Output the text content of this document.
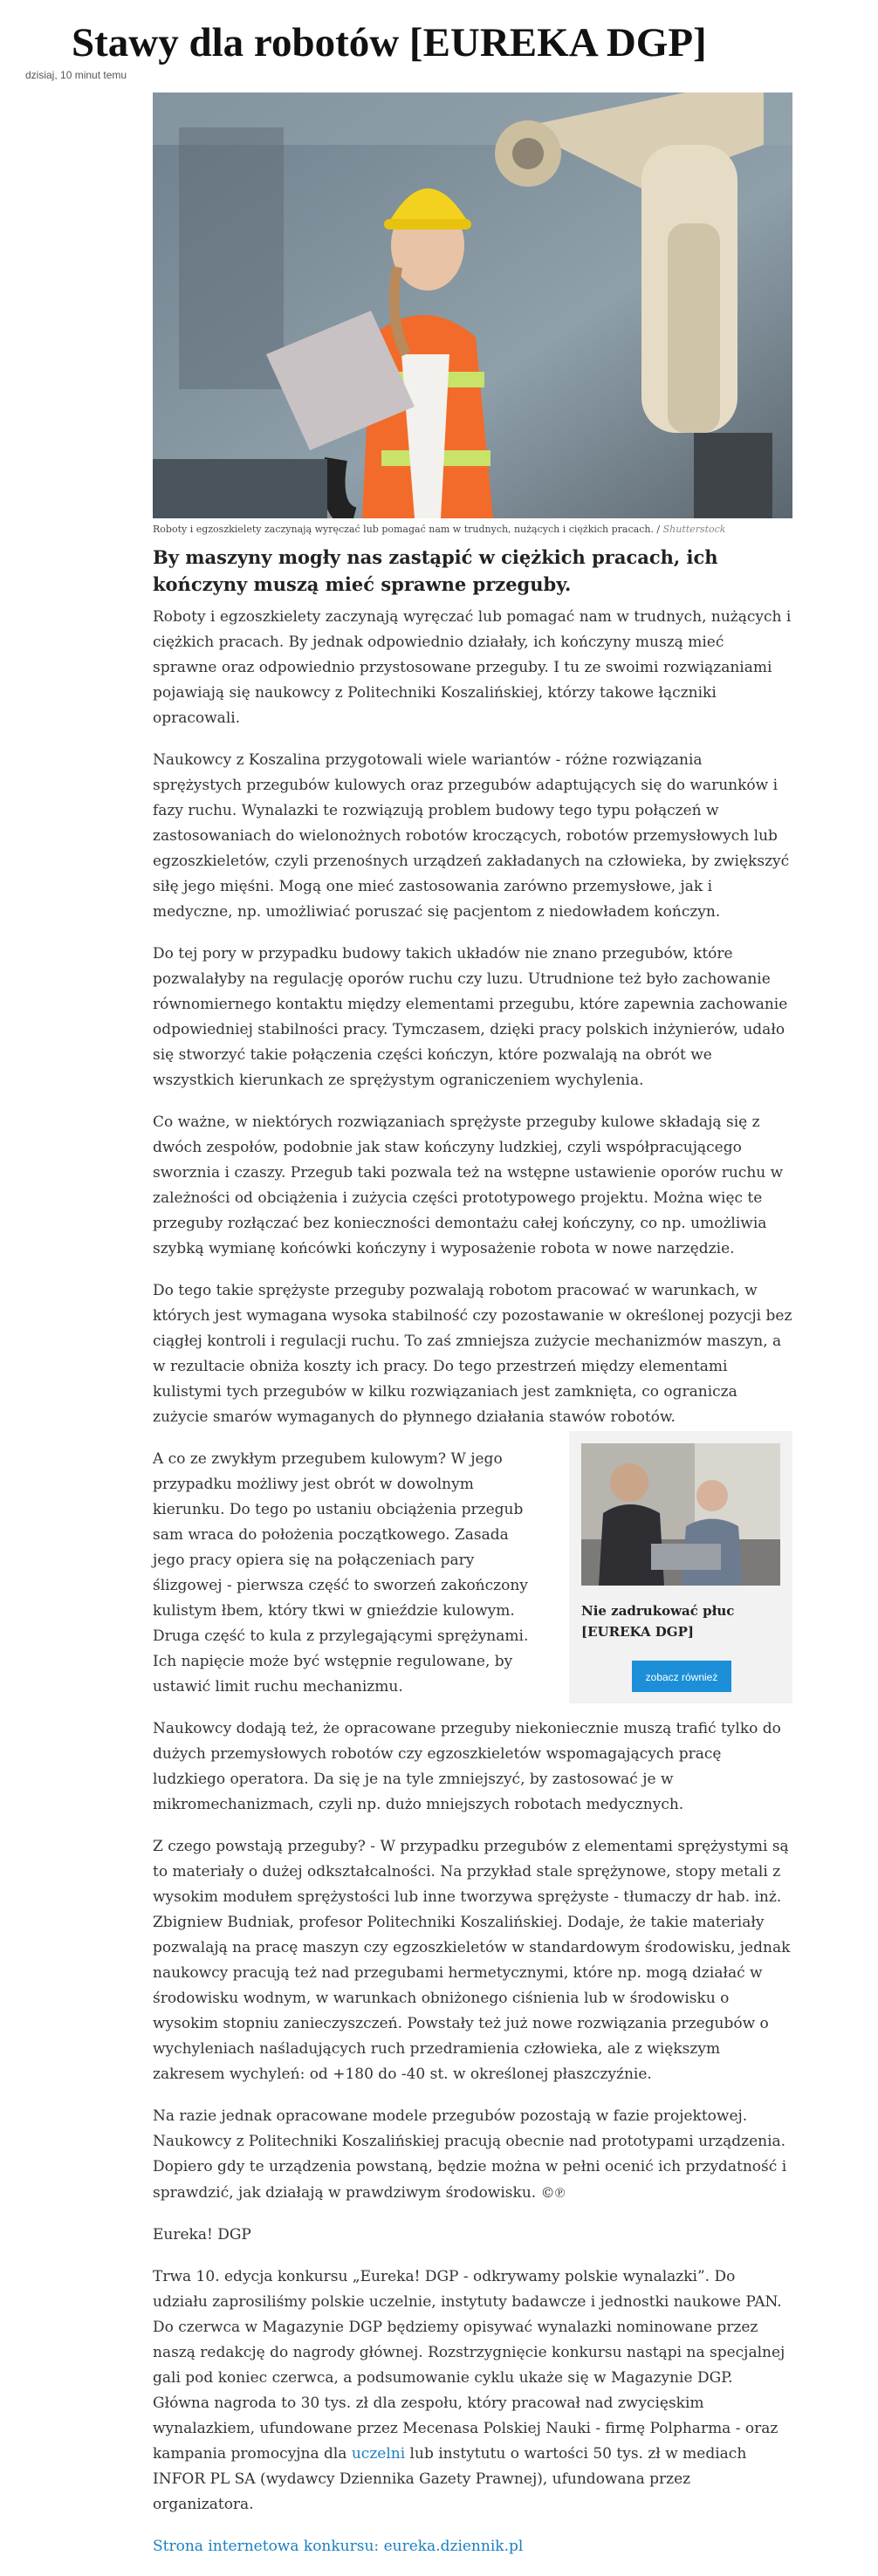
Stawy dla robotów [EUREKA DGP]
dzisiaj, 10 minut temu
Roboty i egzoszkielety zaczynają wyręczać lub pomagać nam w trudnych, nużących i ciężkich pracach. / Shutterstock
By maszyny mogły nas zastąpić w ciężkich pracach, ich kończyny muszą mieć sprawne przeguby.

Roboty i egzoszkielety zaczynają wyręczać lub pomagać nam w trudnych, nużących i ciężkich pracach. By jednak odpowiednio działały, ich kończyny muszą mieć sprawne oraz odpowiednio przystosowane przeguby. I tu ze swoimi rozwiązaniami pojawiają się naukowcy z Politechniki Koszalińskiej, którzy takowe łączniki opracowali.

Naukowcy z Koszalina przygotowali wiele wariantów - różne rozwiązania sprężystych przegubów kulowych oraz przegubów adaptujących się do warunków i fazy ruchu. Wynalazki te rozwiązują problem budowy tego typu połączeń w zastosowaniach do wielonożnych robotów kroczących, robotów przemysłowych lub egzoszkieletów, czyli przenośnych urządzeń zakładanych na człowieka, by zwiększyć siłę jego mięśni. Mogą one mieć zastosowania zarówno przemysłowe, jak i medyczne, np. umożliwiać poruszać się pacjentom z niedowładem kończyn.

Do tej pory w przypadku budowy takich układów nie znano przegubów, które pozwalałyby na regulację oporów ruchu czy luzu. Utrudnione też było zachowanie równomiernego kontaktu między elementami przegubu, które zapewnia zachowanie odpowiedniej stabilności pracy. Tymczasem, dzięki pracy polskich inżynierów, udało się stworzyć takie połączenia części kończyn, które pozwalają na obrót we wszystkich kierunkach ze sprężystym ograniczeniem wychylenia.

Co ważne, w niektórych rozwiązaniach sprężyste przeguby kulowe składają się z dwóch zespołów, podobnie jak staw kończyny ludzkiej, czyli współpracującego sworznia i czaszy. Przegub taki pozwala też na wstępne ustawienie oporów ruchu w zależności od obciążenia i zużycia części prototypowego projektu. Można więc te przeguby rozłączać bez konieczności demontażu całej kończyny, co np. umożliwia szybką wymianę końcówki kończyny i wyposażenie robota w nowe narzędzie.

Do tego takie sprężyste przeguby pozwalają robotom pracować w warunkach, w których jest wymagana wysoka stabilność czy pozostawanie w określonej pozycji bez ciągłej kontroli i regulacji ruchu. To zaś zmniejsza zużycie mechanizmów maszyn, a w rezultacie obniża koszty ich pracy. Do tego przestrzeń między elementami kulistymi tych przegubów w kilku rozwiązaniach jest zamknięta, co ogranicza zużycie smarów wymaganych do płynnego działania stawów robotów.

A co ze zwykłym przegubem kulowym? W jego przypadku możliwy jest obrót w dowolnym kierunku. Do tego po ustaniu obciążenia przegub sam wraca do położenia początkowego. Zasada jego pracy opiera się na połączeniach pary ślizgowej - pierwsza część to sworzeń zakończony kulistym łbem, który tkwi w gnieździe kulowym. Druga część to kula z przylegającymi sprężynami. Ich napięcie może być wstępnie regulowane, by ustawić limit ruchu mechanizmu.

Naukowcy dodają też, że opracowane przeguby niekoniecznie muszą trafić tylko do dużych przemysłowych robotów czy egzoszkieletów wspomagających pracę ludzkiego operatora. Da się je na tyle zmniejszyć, by zastosować je w mikromechanizmach, czyli np. dużo mniejszych robotach medycznych.

Z czego powstają przeguby? - W przypadku przegubów z elementami sprężystymi są to materiały o dużej odkształcalności. Na przykład stale sprężynowe, stopy metali z wysokim modułem sprężystości lub inne tworzywa sprężyste - tłumaczy dr hab. inż. Zbigniew Budniak, profesor Politechniki Koszalińskiej. Dodaje, że takie materiały pozwalają na pracę maszyn czy egzoszkieletów w standardowym środowisku, jednak naukowcy pracują też nad przegubami hermetycznymi, które np. mogą działać w środowisku wodnym, w warunkach obniżonego ciśnienia lub w środowisku o wysokim stopniu zanieczyszczeń. Powstały też już nowe rozwiązania przegubów o wychyleniach naśladujących ruch przedramienia człowieka, ale z większym zakresem wychyleń: od +180 do -40 st. w określonej płaszczyźnie.

Na razie jednak opracowane modele przegubów pozostają w fazie projektowej. Naukowcy z Politechniki Koszalińskiej pracują obecnie nad prototypami urządzenia. Dopiero gdy te urządzenia powstaną, będzie można w pełni ocenić ich przydatność i sprawdzić, jak działają w prawdziwym środowisku. ©℗

Eureka! DGP

Trwa 10. edycja konkursu „Eureka! DGP - odkrywamy polskie wynalazki”. Do udziału zaprosiliśmy polskie uczelnie, instytuty badawcze i jednostki naukowe PAN. Do czerwca w Magazynie DGP będziemy opisywać wynalazki nominowane przez naszą redakcję do nagrody głównej. Rozstrzygnięcie konkursu nastąpi na specjalnej gali pod koniec czerwca, a podsumowanie cyklu ukaże się w Magazynie DGP. Główna nagroda to 30 tys. zł dla zespołu, który pracował nad zwycięskim wynalazkiem, ufundowane przez Mecenasa Polskiej Nauki - firmę Polpharma - oraz kampania promocyjna dla uczelni lub instytutu o wartości 50 tys. zł w mediach INFOR PL SA (wydawcy Dziennika Gazety Prawnej), ufundowana przez organizatora.

Strona internetowa konkursu: eureka.dziennik.pl

Nie zadrukować płuc [EUREKA DGP]
zobacz również
